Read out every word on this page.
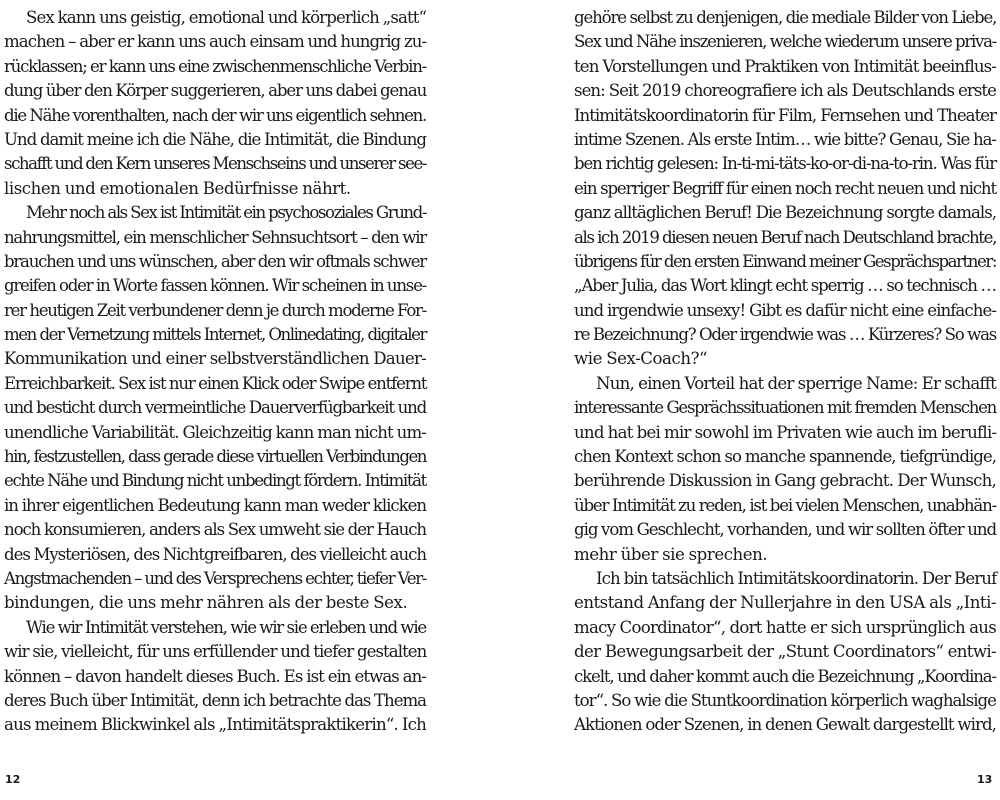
Sex kann uns geistig, emotional und körperlich „satt“
machen – aber er kann uns auch einsam und hungrig zu-
rücklassen; er kann uns eine zwischenmenschliche Verbin-
dung über den Körper suggerieren, aber uns dabei genau
die Nähe vorenthalten, nach der wir uns eigentlich sehnen.
Und damit meine ich die Nähe, die Intimität, die Bindung
schafft und den Kern unseres Menschseins und unserer see-
lischen und emotionalen Bedürfnisse nährt.
Mehr noch als Sex ist Intimität ein psychosoziales Grund-
nahrungsmittel, ein menschlicher Sehnsuchtsort – den wir
brauchen und uns wünschen, aber den wir oftmals schwer
greifen oder in Worte fassen können. Wir scheinen in unse-
rer heutigen Zeit verbundener denn je durch moderne For-
men der Vernetzung mittels Internet, Onlinedating, digitaler
Kommunikation und einer selbstverständlichen Dauer-
Erreichbarkeit. Sex ist nur einen Klick oder Swipe entfernt
und besticht durch vermeintliche Dauerverfügbarkeit und
unendliche Variabilität. Gleichzeitig kann man nicht um-
hin, festzustellen, dass gerade diese virtuellen Verbindungen
echte Nähe und Bindung nicht unbedingt fördern. Intimität
in ihrer eigentlichen Bedeutung kann man weder klicken
noch konsumieren, anders als Sex umweht sie der Hauch
des Mysteriösen, des Nichtgreifbaren, des vielleicht auch
Angstmachenden – und des Versprechens echter, tiefer Ver-
bindungen, die uns mehr nähren als der beste Sex.
Wie wir Intimität verstehen, wie wir sie erleben und wie
wir sie, vielleicht, für uns erfüllender und tiefer gestalten
können – davon handelt dieses Buch. Es ist ein etwas an-
deres Buch über Intimität, denn ich betrachte das Thema
aus meinem Blickwinkel als „Intimitätspraktikerin“. Ich
gehöre selbst zu denjenigen, die mediale Bilder von Liebe,
Sex und Nähe inszenieren, welche wiederum unsere priva-
ten Vorstellungen und Praktiken von Intimität beeinflus-
sen: Seit 2019 choreografiere ich als Deutschlands erste
Intimitätskoordinatorin für Film, Fernsehen und Theater
intime Szenen. Als erste Intim… wie bitte? Genau, Sie ha-
ben richtig gelesen: In-ti-mi-täts-ko-or-di-na-to-rin. Was für
ein sperriger Begriff für einen noch recht neuen und nicht
ganz alltäglichen Beruf! Die Bezeichnung sorgte damals,
als ich 2019 diesen neuen Beruf nach Deutschland brachte,
übrigens für den ersten Einwand meiner Gesprächspartner:
„Aber Julia, das Wort klingt echt sperrig … so technisch …
und irgendwie unsexy! Gibt es dafür nicht eine einfache-
re Bezeichnung? Oder irgendwie was … Kürzeres? So was
wie Sex-Coach?“
Nun, einen Vorteil hat der sperrige Name: Er schafft
interessante Gesprächssituationen mit fremden Menschen
und hat bei mir sowohl im Privaten wie auch im berufli-
chen Kontext schon so manche spannende, tiefgründige,
berührende Diskussion in Gang gebracht. Der Wunsch,
über Intimität zu reden, ist bei vielen Menschen, unabhän-
gig vom Geschlecht, vorhanden, und wir sollten öfter und
mehr über sie sprechen.
Ich bin tatsächlich Intimitätskoordinatorin. Der Beruf
entstand Anfang der Nullerjahre in den USA als „Inti-
macy Coordinator“, dort hatte er sich ursprünglich aus
der Bewegungsarbeit der „Stunt Coordinators“ entwi-
ckelt, und daher kommt auch die Bezeichnung „Koordina-
tor“. So wie die Stuntkoordination körperlich waghalsige
Aktionen oder Szenen, in denen Gewalt dargestellt wird,
12	13
